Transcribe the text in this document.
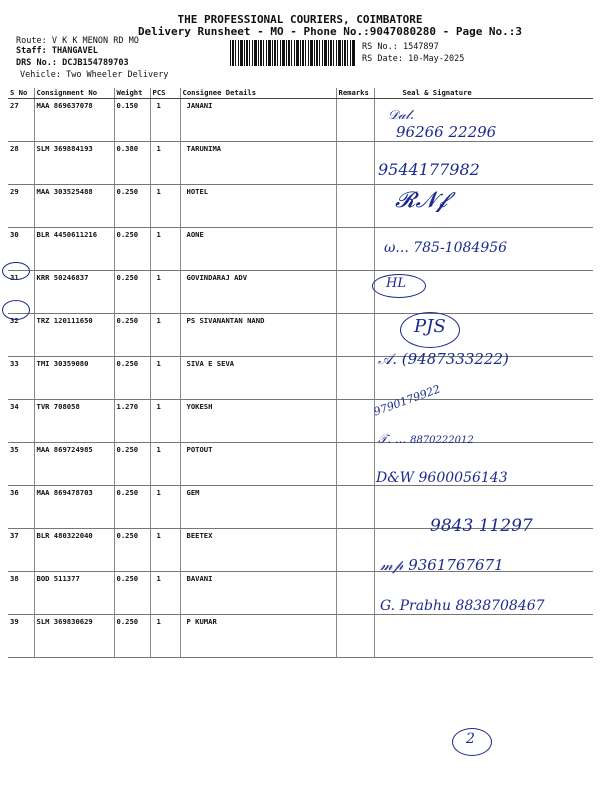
THE PROFESSIONAL COURIERS, COIMBATORE
Delivery Runsheet - MO - Phone No.:9047080280 - Page No.:3
Route: V K K MENON RD MO
Staff: THANGAVEL
DRS No.: DCJB154789703
Vehicle: Two Wheeler Delivery
RS No.: 1547897
RS Date: 10-May-2025
S No	Consignment No	Weight	PCS	Consignee Details	Remarks	Seal & Signature
27	MAA 869637078	0.150	1	JANANI		
28	SLM 369884193	0.380	1	TARUNIMA		
29	MAA 303525488	0.250	1	HOTEL		
30	BLR 4450611216	0.250	1	AONE		
31	KRR 50246837	0.250	1	GOVINDARAJ ADV		
32	TRZ 120111650	0.250	1	PS SIVANANTAN NAND		
33	TMI 30359080	0.250	1	SIVA E SEVA		
34	TVR 708058	1.270	1	YOKESH		
35	MAA 869724985	0.250	1	POTOUT		
36	MAA 869478703	0.250	1	GEM		
37	BLR 480322040	0.250	1	BEETEX		
38	BOD 511377	0.250	1	BAVANI		
39	SLM 369830629	0.250	1	P KUMAR		
𝒟𝒶𝓁.
96266 22296
9544177982
𝓡𝓝𝓯
ω... 785-1084956
HL
PJS
𝒜. (9487333222)
9790179922
𝒯. ... 8870222012
D&W 9600056143
9843 11297
𝓂𝓅 9361767671
G. Prabhu 8838708467
2
